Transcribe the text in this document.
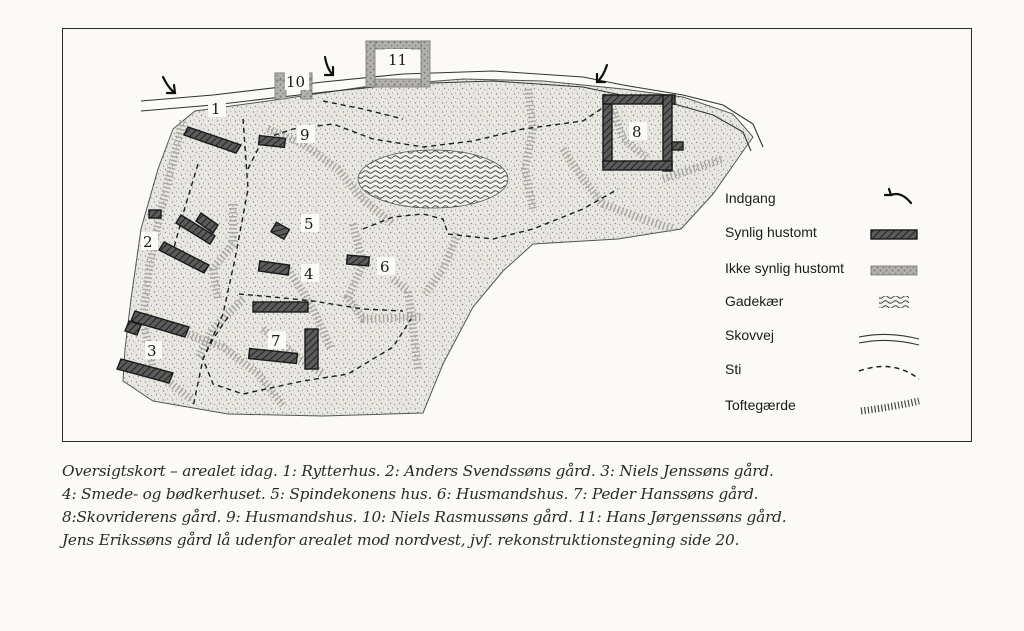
1
9
2
5
4	6
3
7
8
10
11
Indgang
Synlig hustomt
Ikke synlig hustomt
Gadekær
Skovvej
Sti
Toftegærde
Oversigtskort – arealet idag. 1: Rytterhus. 2: Anders Svendssøns gård. 3: Niels Jenssøns gård.
4: Smede- og bødkerhuset. 5: Spindekonens hus. 6: Husmandshus. 7: Peder Hanssøns gård.
8:Skovriderens gård. 9: Husmandshus. 10: Niels Rasmussøns gård. 11: Hans Jørgenssøns gård.
Jens Erikssøns gård lå udenfor arealet mod nordvest, jvf. rekonstruktionstegning side 20.
